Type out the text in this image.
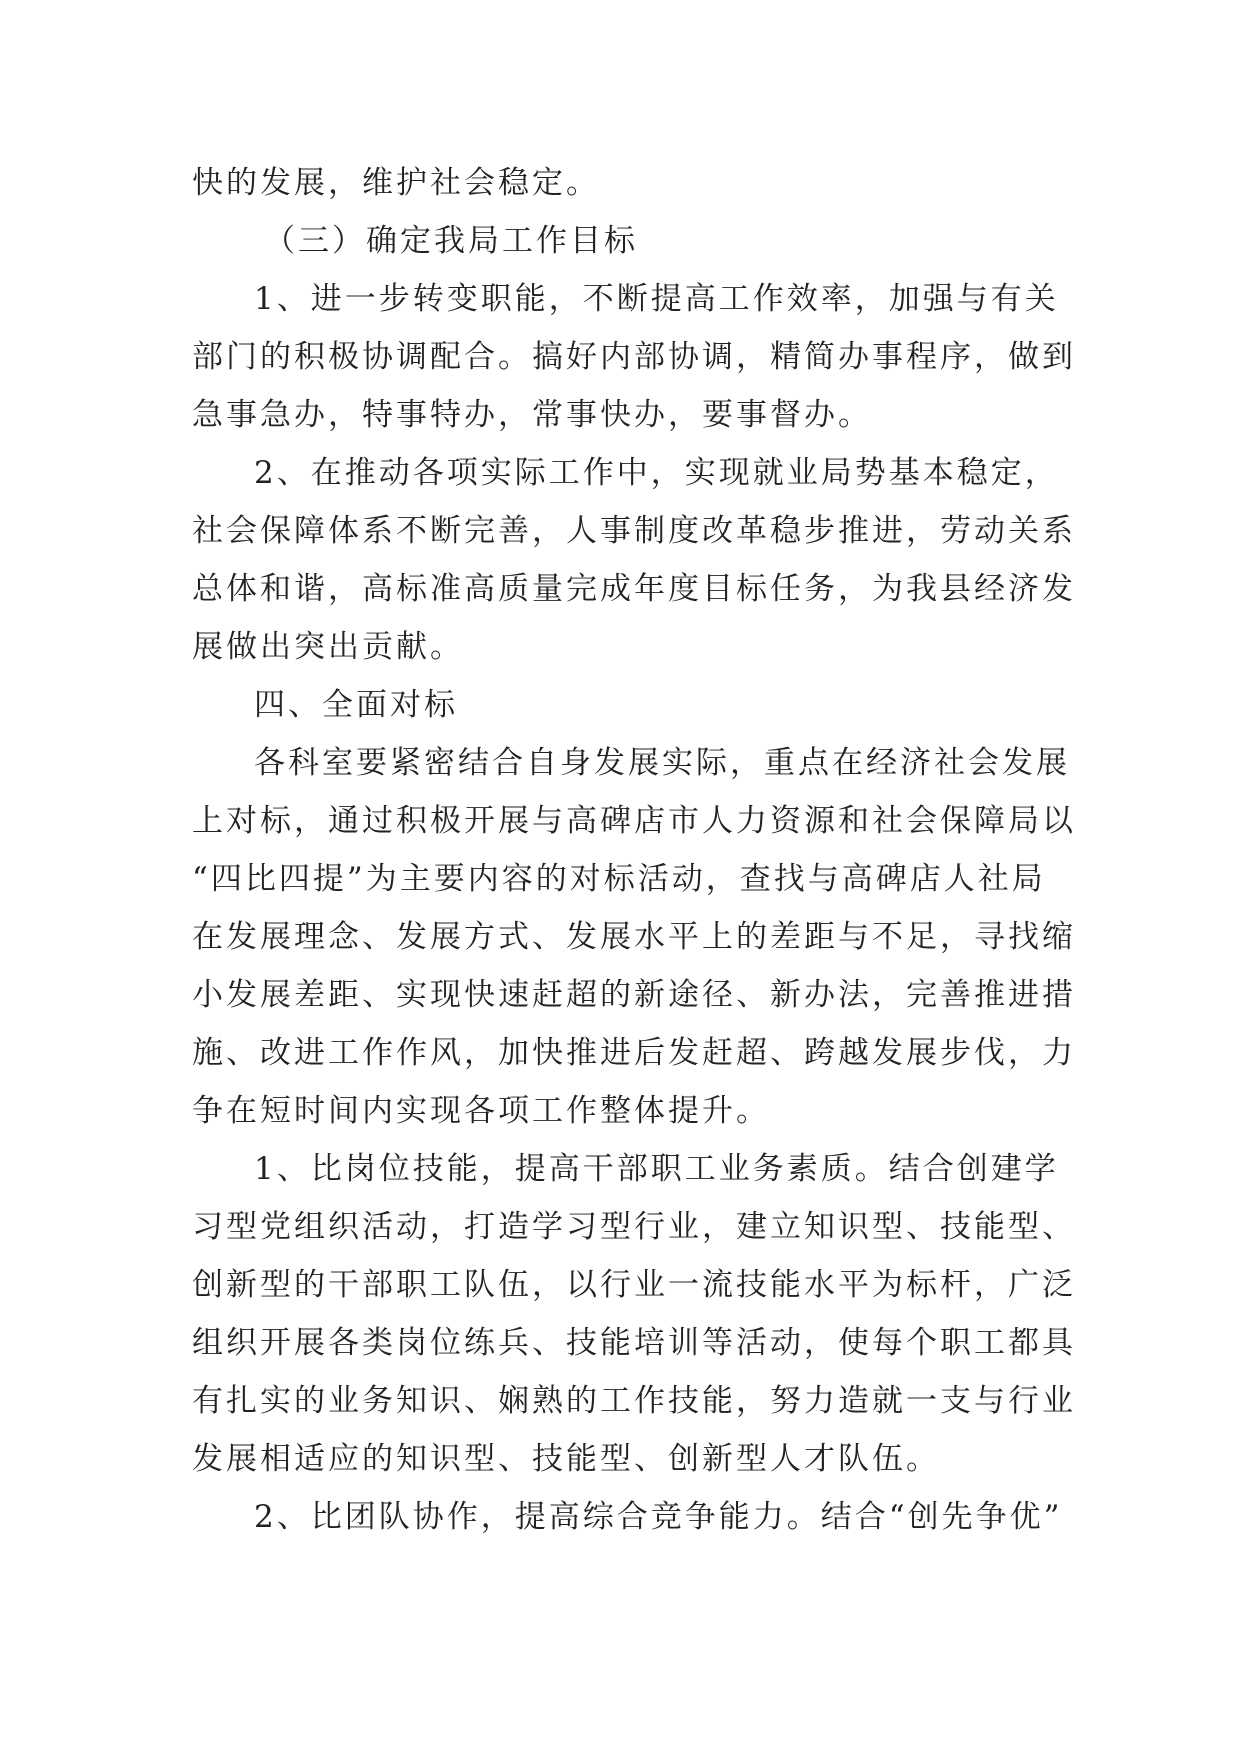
快的发展，维护社会稳定。
（三）确定我局工作目标
1、进一步转变职能，不断提高工作效率，加强与有关
部门的积极协调配合。搞好内部协调，精简办事程序，做到
急事急办，特事特办，常事快办，要事督办。
2、在推动各项实际工作中，实现就业局势基本稳定，
社会保障体系不断完善，人事制度改革稳步推进，劳动关系
总体和谐，高标准高质量完成年度目标任务，为我县经济发
展做出突出贡献。
四、全面对标
各科室要紧密结合自身发展实际，重点在经济社会发展
上对标，通过积极开展与高碑店市人力资源和社会保障局以
“四比四提”为主要内容的对标活动，查找与高碑店人社局
在发展理念、发展方式、发展水平上的差距与不足，寻找缩
小发展差距、实现快速赶超的新途径、新办法，完善推进措
施、改进工作作风，加快推进后发赶超、跨越发展步伐，力
争在短时间内实现各项工作整体提升。
1、比岗位技能，提高干部职工业务素质。结合创建学
习型党组织活动，打造学习型行业，建立知识型、技能型、
创新型的干部职工队伍，以行业一流技能水平为标杆，广泛
组织开展各类岗位练兵、技能培训等活动，使每个职工都具
有扎实的业务知识、娴熟的工作技能，努力造就一支与行业
发展相适应的知识型、技能型、创新型人才队伍。
2、比团队协作，提高综合竞争能力。结合“创先争优”
